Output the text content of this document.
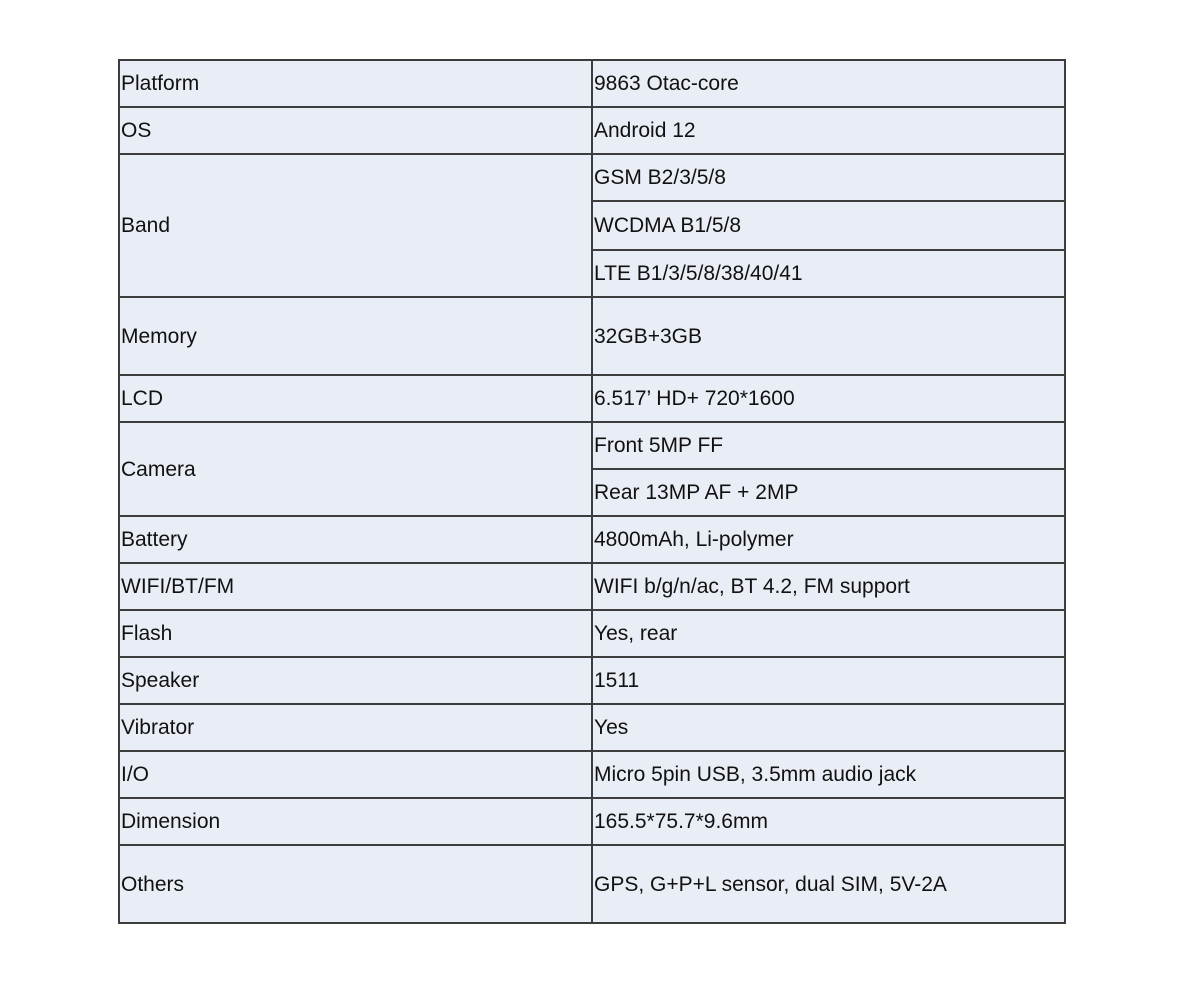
Platform	9863 Otac-core
OS	Android 12
Band	GSM B2/3/5/8
	WCDMA B1/5/8
	LTE B1/3/5/8/38/40/41
Memory	32GB+3GB
LCD	6.517’ HD+ 720*1600
Camera	Front 5MP FF
	Rear 13MP AF + 2MP
Battery	4800mAh, Li-polymer
WIFI/BT/FM	WIFI b/g/n/ac, BT 4.2, FM support
Flash	Yes, rear
Speaker	1511
Vibrator	Yes
I/O	Micro 5pin USB, 3.5mm audio jack
Dimension	165.5*75.7*9.6mm
Others	GPS, G+P+L sensor, dual SIM, 5V-2A
